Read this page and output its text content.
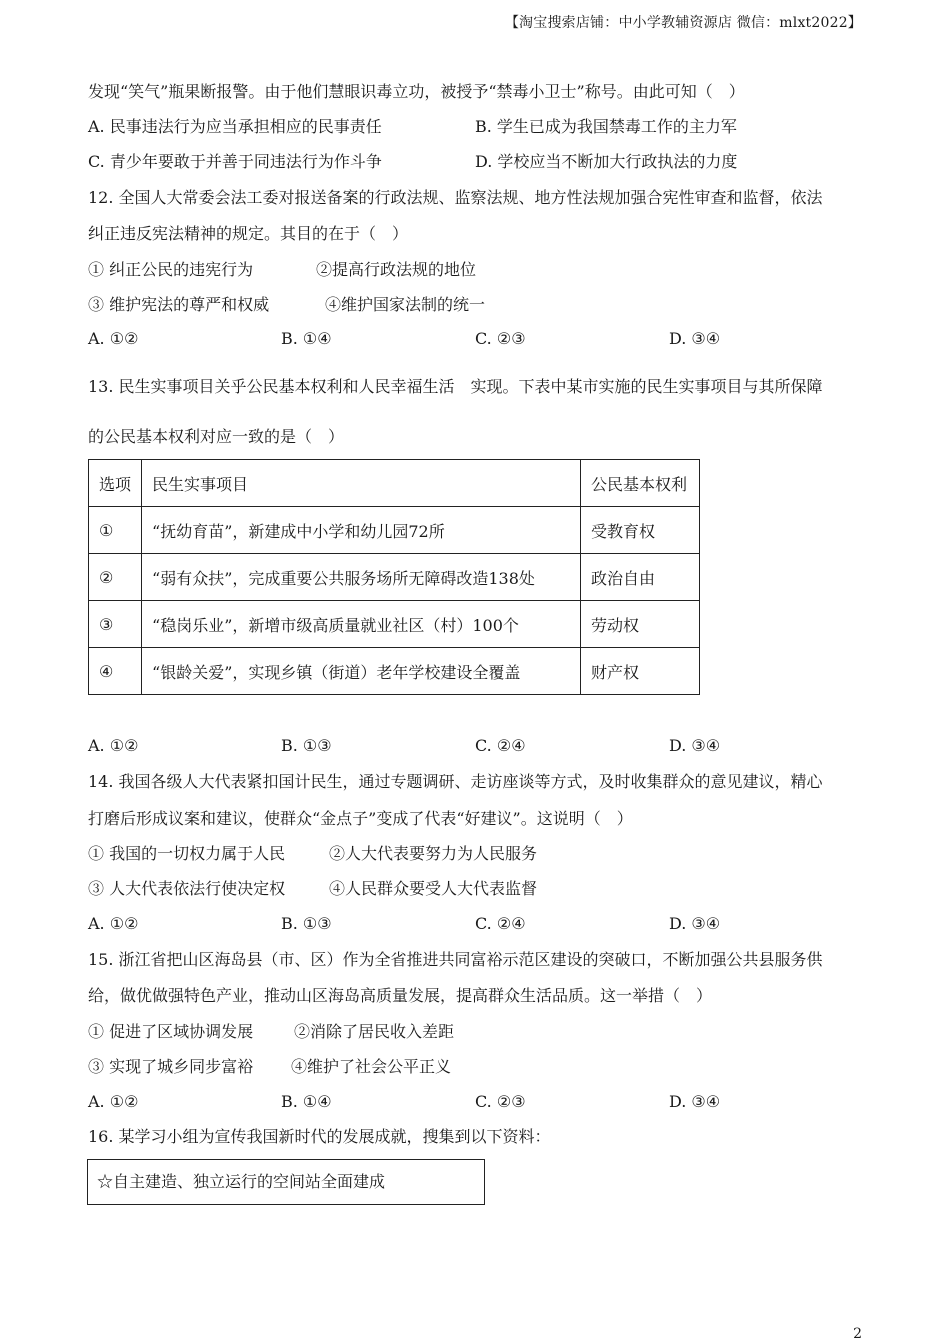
【淘宝搜索店铺：中小学教辅资源店 微信：mlxt2022】
发现“笑气”瓶果断报警。由于他们慧眼识毒立功，被授予“禁毒小卫士”称号。由此可知（　）
A. 民事违法行为应当承担相应的民事责任	B. 学生已成为我国禁毒工作的主力军
C. 青少年要敢于并善于同违法行为作斗争	D. 学校应当不断加大行政执法的力度
12. 全国人大常委会法工委对报送备案的行政法规、监察法规、地方性法规加强合宪性审查和监督，依法
纠正违反宪法精神的规定。其目的在于（　）
① 纠正公民的违宪行为	②提高行政法规的地位
③ 维护宪法的尊严和权威	④维护国家法制的统一
A. ①②	B. ①④	C. ②③	D. ③④
13. 民生实事项目关乎公民基本权利和人民幸福生活　实现。下表中某市实施的民生实事项目与其所保障
的公民基本权利对应一致的是（　）
选项	民生实事项目	公民基本权利
①	“抚幼育苗”，新建成中小学和幼儿园72所	受教育权
②	“弱有众扶”，完成重要公共服务场所无障碍改造138处	政治自由
③	“稳岗乐业”，新增市级高质量就业社区（村）100个	劳动权
④	“银龄关爱”，实现乡镇（街道）老年学校建设全覆盖	财产权
A. ①②	B. ①③	C. ②④	D. ③④
14. 我国各级人大代表紧扣国计民生，通过专题调研、走访座谈等方式，及时收集群众的意见建议，精心
打磨后形成议案和建议，使群众“金点子”变成了代表“好建议”。这说明（　）
① 我国的一切权力属于人民	②人大代表要努力为人民服务
③ 人大代表依法行使决定权	④人民群众要受人大代表监督
A. ①②	B. ①③	C. ②④	D. ③④
15. 浙江省把山区海岛县（市、区）作为全省推进共同富裕示范区建设的突破口，不断加强公共县服务供
给，做优做强特色产业，推动山区海岛高质量发展，提高群众生活品质。这一举措（　）
① 促进了区域协调发展	②消除了居民收入差距
③ 实现了城乡同步富裕 ④维护了社会公平正义
A. ①②	B. ①④	C. ②③	D. ③④
16. 某学习小组为宣传我国新时代的发展成就，搜集到以下资料：
☆自主建造、独立运行的空间站全面建成
2
